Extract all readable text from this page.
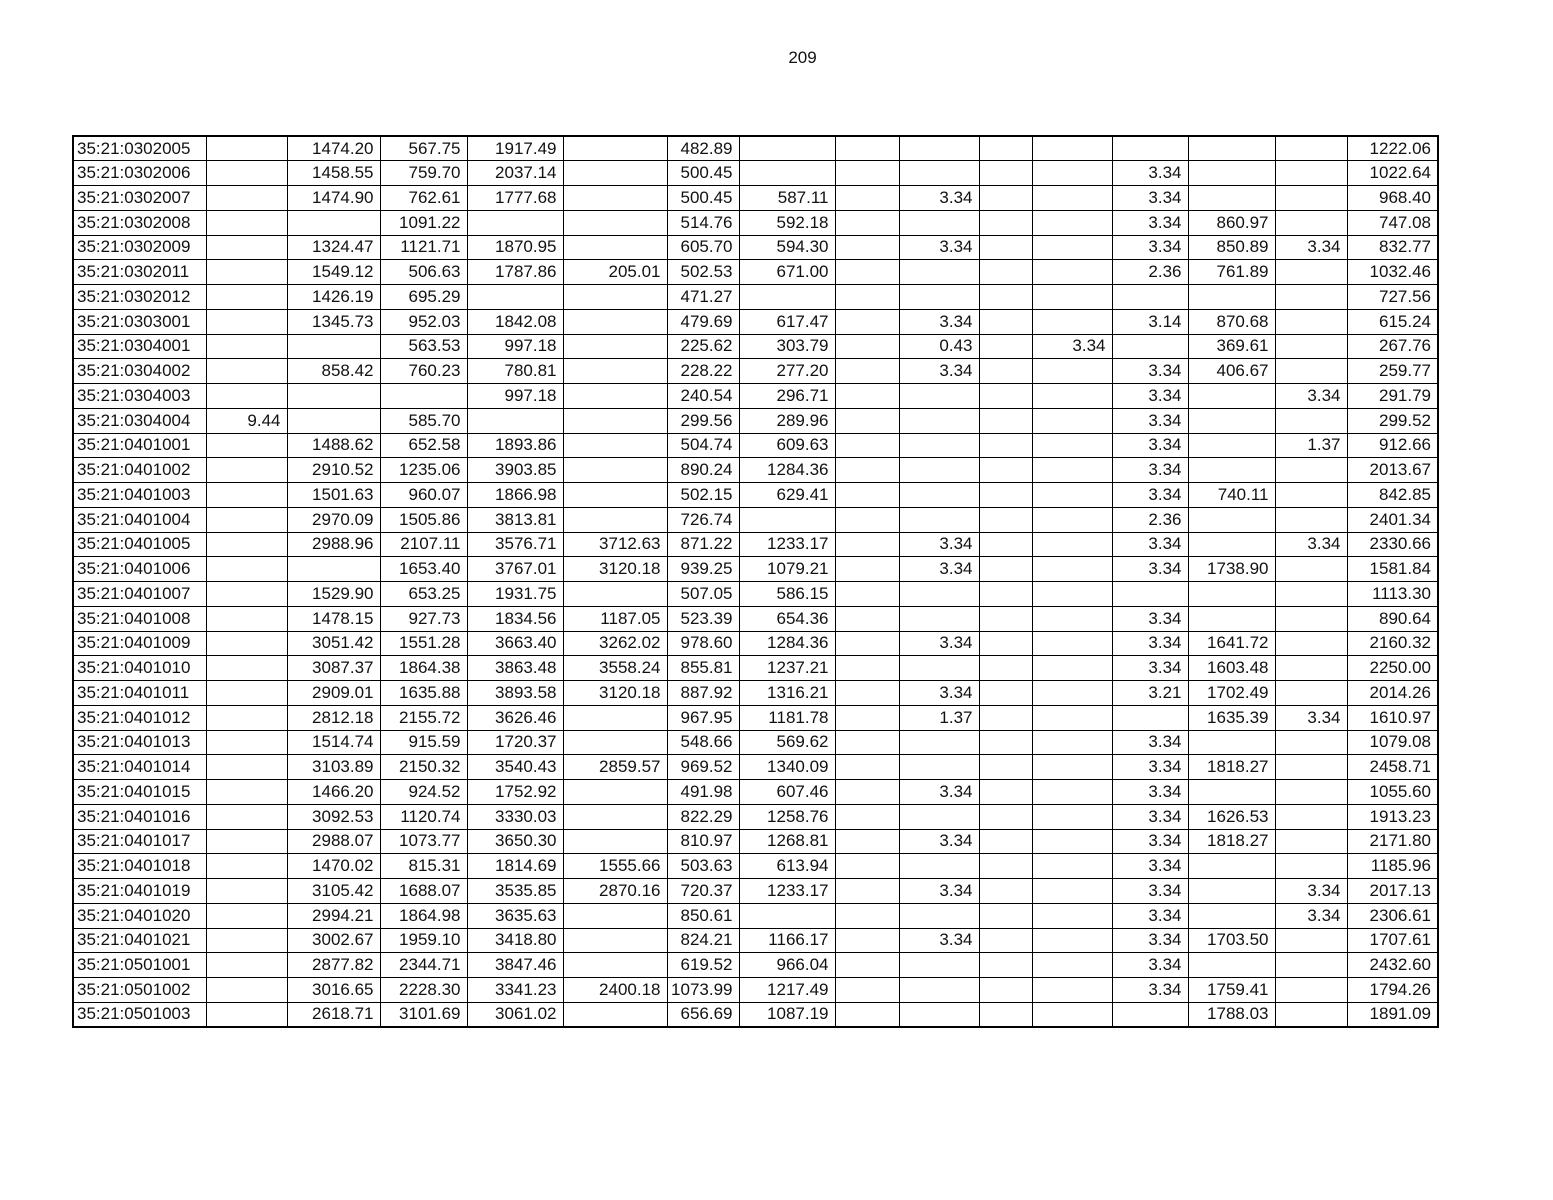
209
35:21:0302005		1474.20	567.75	1917.49		482.89									1222.06
35:21:0302006		1458.55	759.70	2037.14		500.45						3.34			1022.64
35:21:0302007		1474.90	762.61	1777.68		500.45	587.11		3.34			3.34			968.40
35:21:0302008			1091.22			514.76	592.18					3.34	860.97		747.08
35:21:0302009		1324.47	1121.71	1870.95		605.70	594.30		3.34			3.34	850.89	3.34	832.77
35:21:0302011		1549.12	506.63	1787.86	205.01	502.53	671.00					2.36	761.89		1032.46
35:21:0302012		1426.19	695.29			471.27									727.56
35:21:0303001		1345.73	952.03	1842.08		479.69	617.47		3.34			3.14	870.68		615.24
35:21:0304001			563.53	997.18		225.62	303.79		0.43		3.34		369.61		267.76
35:21:0304002		858.42	760.23	780.81		228.22	277.20		3.34			3.34	406.67		259.77
35:21:0304003				997.18		240.54	296.71					3.34		3.34	291.79
35:21:0304004	9.44		585.70			299.56	289.96					3.34			299.52
35:21:0401001		1488.62	652.58	1893.86		504.74	609.63					3.34		1.37	912.66
35:21:0401002		2910.52	1235.06	3903.85		890.24	1284.36					3.34			2013.67
35:21:0401003		1501.63	960.07	1866.98		502.15	629.41					3.34	740.11		842.85
35:21:0401004		2970.09	1505.86	3813.81		726.74						2.36			2401.34
35:21:0401005		2988.96	2107.11	3576.71	3712.63	871.22	1233.17		3.34			3.34		3.34	2330.66
35:21:0401006			1653.40	3767.01	3120.18	939.25	1079.21		3.34			3.34	1738.90		1581.84
35:21:0401007		1529.90	653.25	1931.75		507.05	586.15								1113.30
35:21:0401008		1478.15	927.73	1834.56	1187.05	523.39	654.36					3.34			890.64
35:21:0401009		3051.42	1551.28	3663.40	3262.02	978.60	1284.36		3.34			3.34	1641.72		2160.32
35:21:0401010		3087.37	1864.38	3863.48	3558.24	855.81	1237.21					3.34	1603.48		2250.00
35:21:0401011		2909.01	1635.88	3893.58	3120.18	887.92	1316.21		3.34			3.21	1702.49		2014.26
35:21:0401012		2812.18	2155.72	3626.46		967.95	1181.78		1.37				1635.39	3.34	1610.97
35:21:0401013		1514.74	915.59	1720.37		548.66	569.62					3.34			1079.08
35:21:0401014		3103.89	2150.32	3540.43	2859.57	969.52	1340.09					3.34	1818.27		2458.71
35:21:0401015		1466.20	924.52	1752.92		491.98	607.46		3.34			3.34			1055.60
35:21:0401016		3092.53	1120.74	3330.03		822.29	1258.76					3.34	1626.53		1913.23
35:21:0401017		2988.07	1073.77	3650.30		810.97	1268.81		3.34			3.34	1818.27		2171.80
35:21:0401018		1470.02	815.31	1814.69	1555.66	503.63	613.94					3.34			1185.96
35:21:0401019		3105.42	1688.07	3535.85	2870.16	720.37	1233.17		3.34			3.34		3.34	2017.13
35:21:0401020		2994.21	1864.98	3635.63		850.61						3.34		3.34	2306.61
35:21:0401021		3002.67	1959.10	3418.80		824.21	1166.17		3.34			3.34	1703.50		1707.61
35:21:0501001		2877.82	2344.71	3847.46		619.52	966.04					3.34			2432.60
35:21:0501002		3016.65	2228.30	3341.23	2400.18	1073.99	1217.49					3.34	1759.41		1794.26
35:21:0501003		2618.71	3101.69	3061.02		656.69	1087.19						1788.03		1891.09
